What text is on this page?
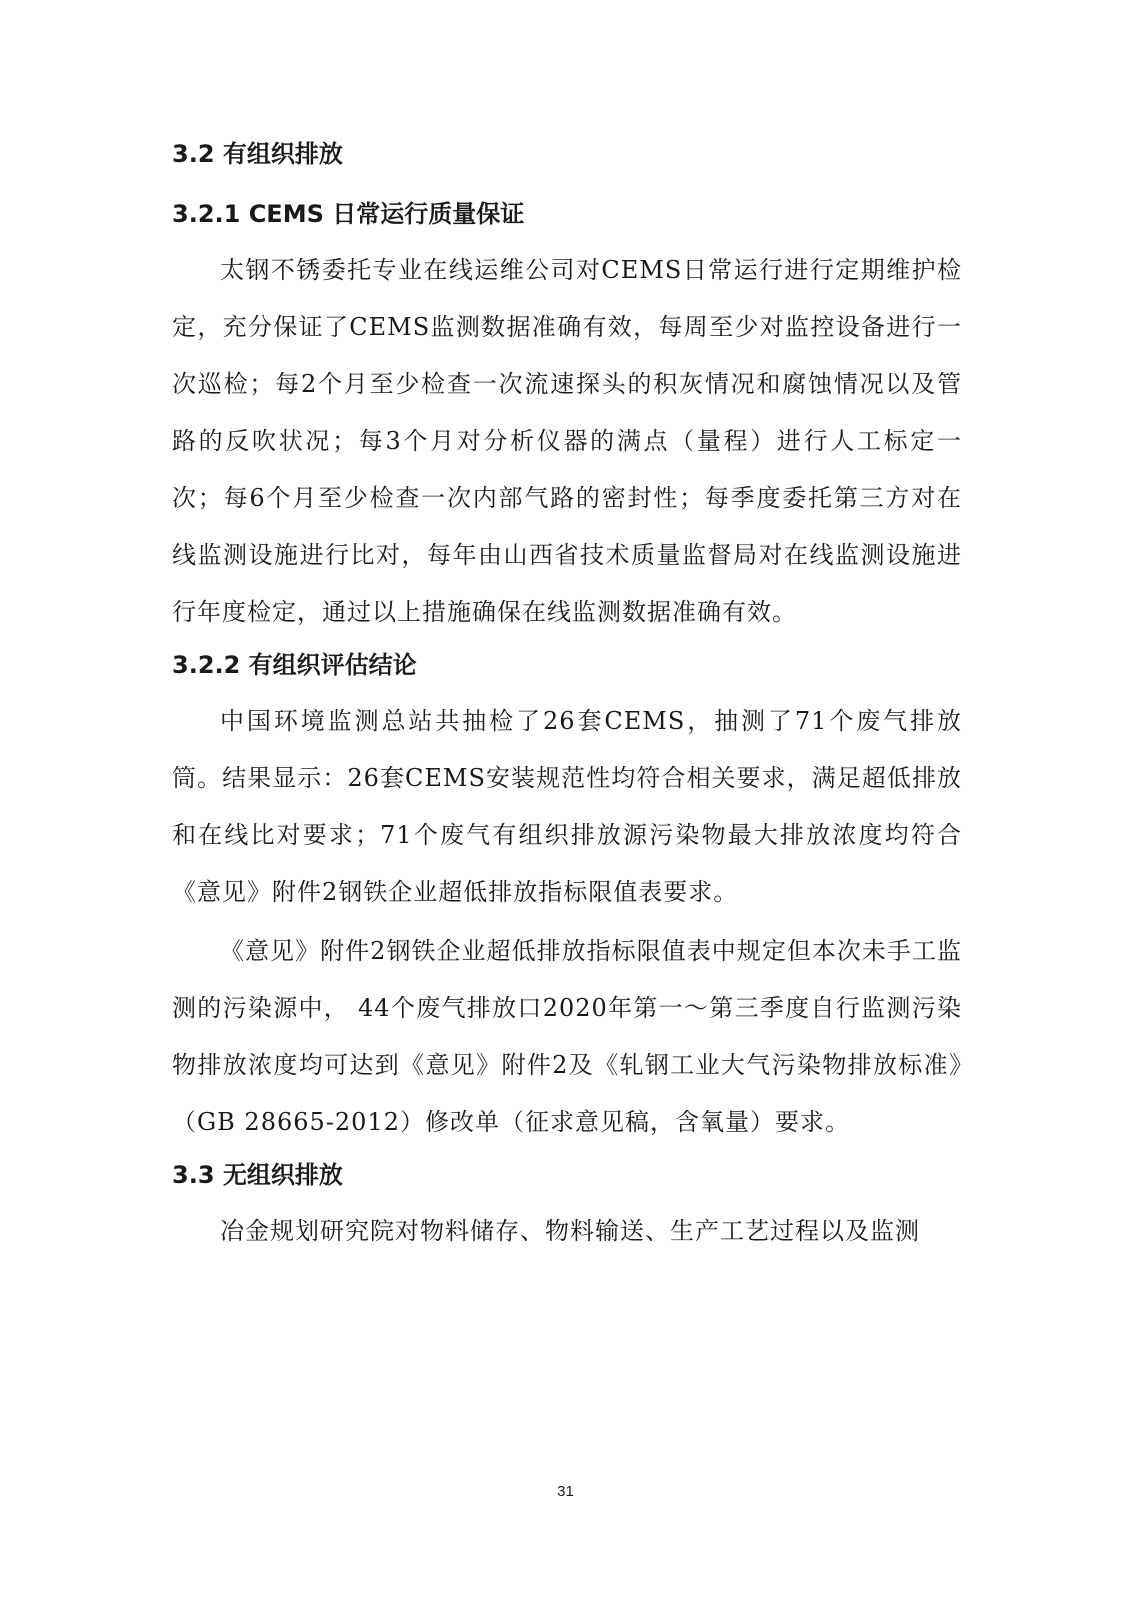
3.2 有组织排放
3.2.1 CEMS 日常运行质量保证

太钢不锈委托专业在线运维公司对CEMS日常运行进行定期维护检定，充分保证了CEMS监测数据准确有效，每周至少对监控设备进行一次巡检；每2个月至少检查一次流速探头的积灰情况和腐蚀情况以及管路的反吹状况；每3个月对分析仪器的满点（量程）进行人工标定一次；每6个月至少检查一次内部气路的密封性；每季度委托第三方对在线监测设施进行比对，每年由山西省技术质量监督局对在线监测设施进行年度检定，通过以上措施确保在线监测数据准确有效。

3.2.2 有组织评估结论

中国环境监测总站共抽检了26套CEMS，抽测了71个废气排放筒。结果显示：26套CEMS安装规范性均符合相关要求，满足超低排放和在线比对要求；71个废气有组织排放源污染物最大排放浓度均符合《意见》附件2钢铁企业超低排放指标限值表要求。

《意见》附件2钢铁企业超低排放指标限值表中规定但本次未手工监测的污染源中， 44个废气排放口2020年第一～第三季度自行监测污染物排放浓度均可达到《意见》附件2及《轧钢工业大气污染物排放标准》（GB 28665-2012）修改单（征求意见稿，含氧量）要求。

3.3 无组织排放

冶金规划研究院对物料储存、物料输送、生产工艺过程以及监测

31
